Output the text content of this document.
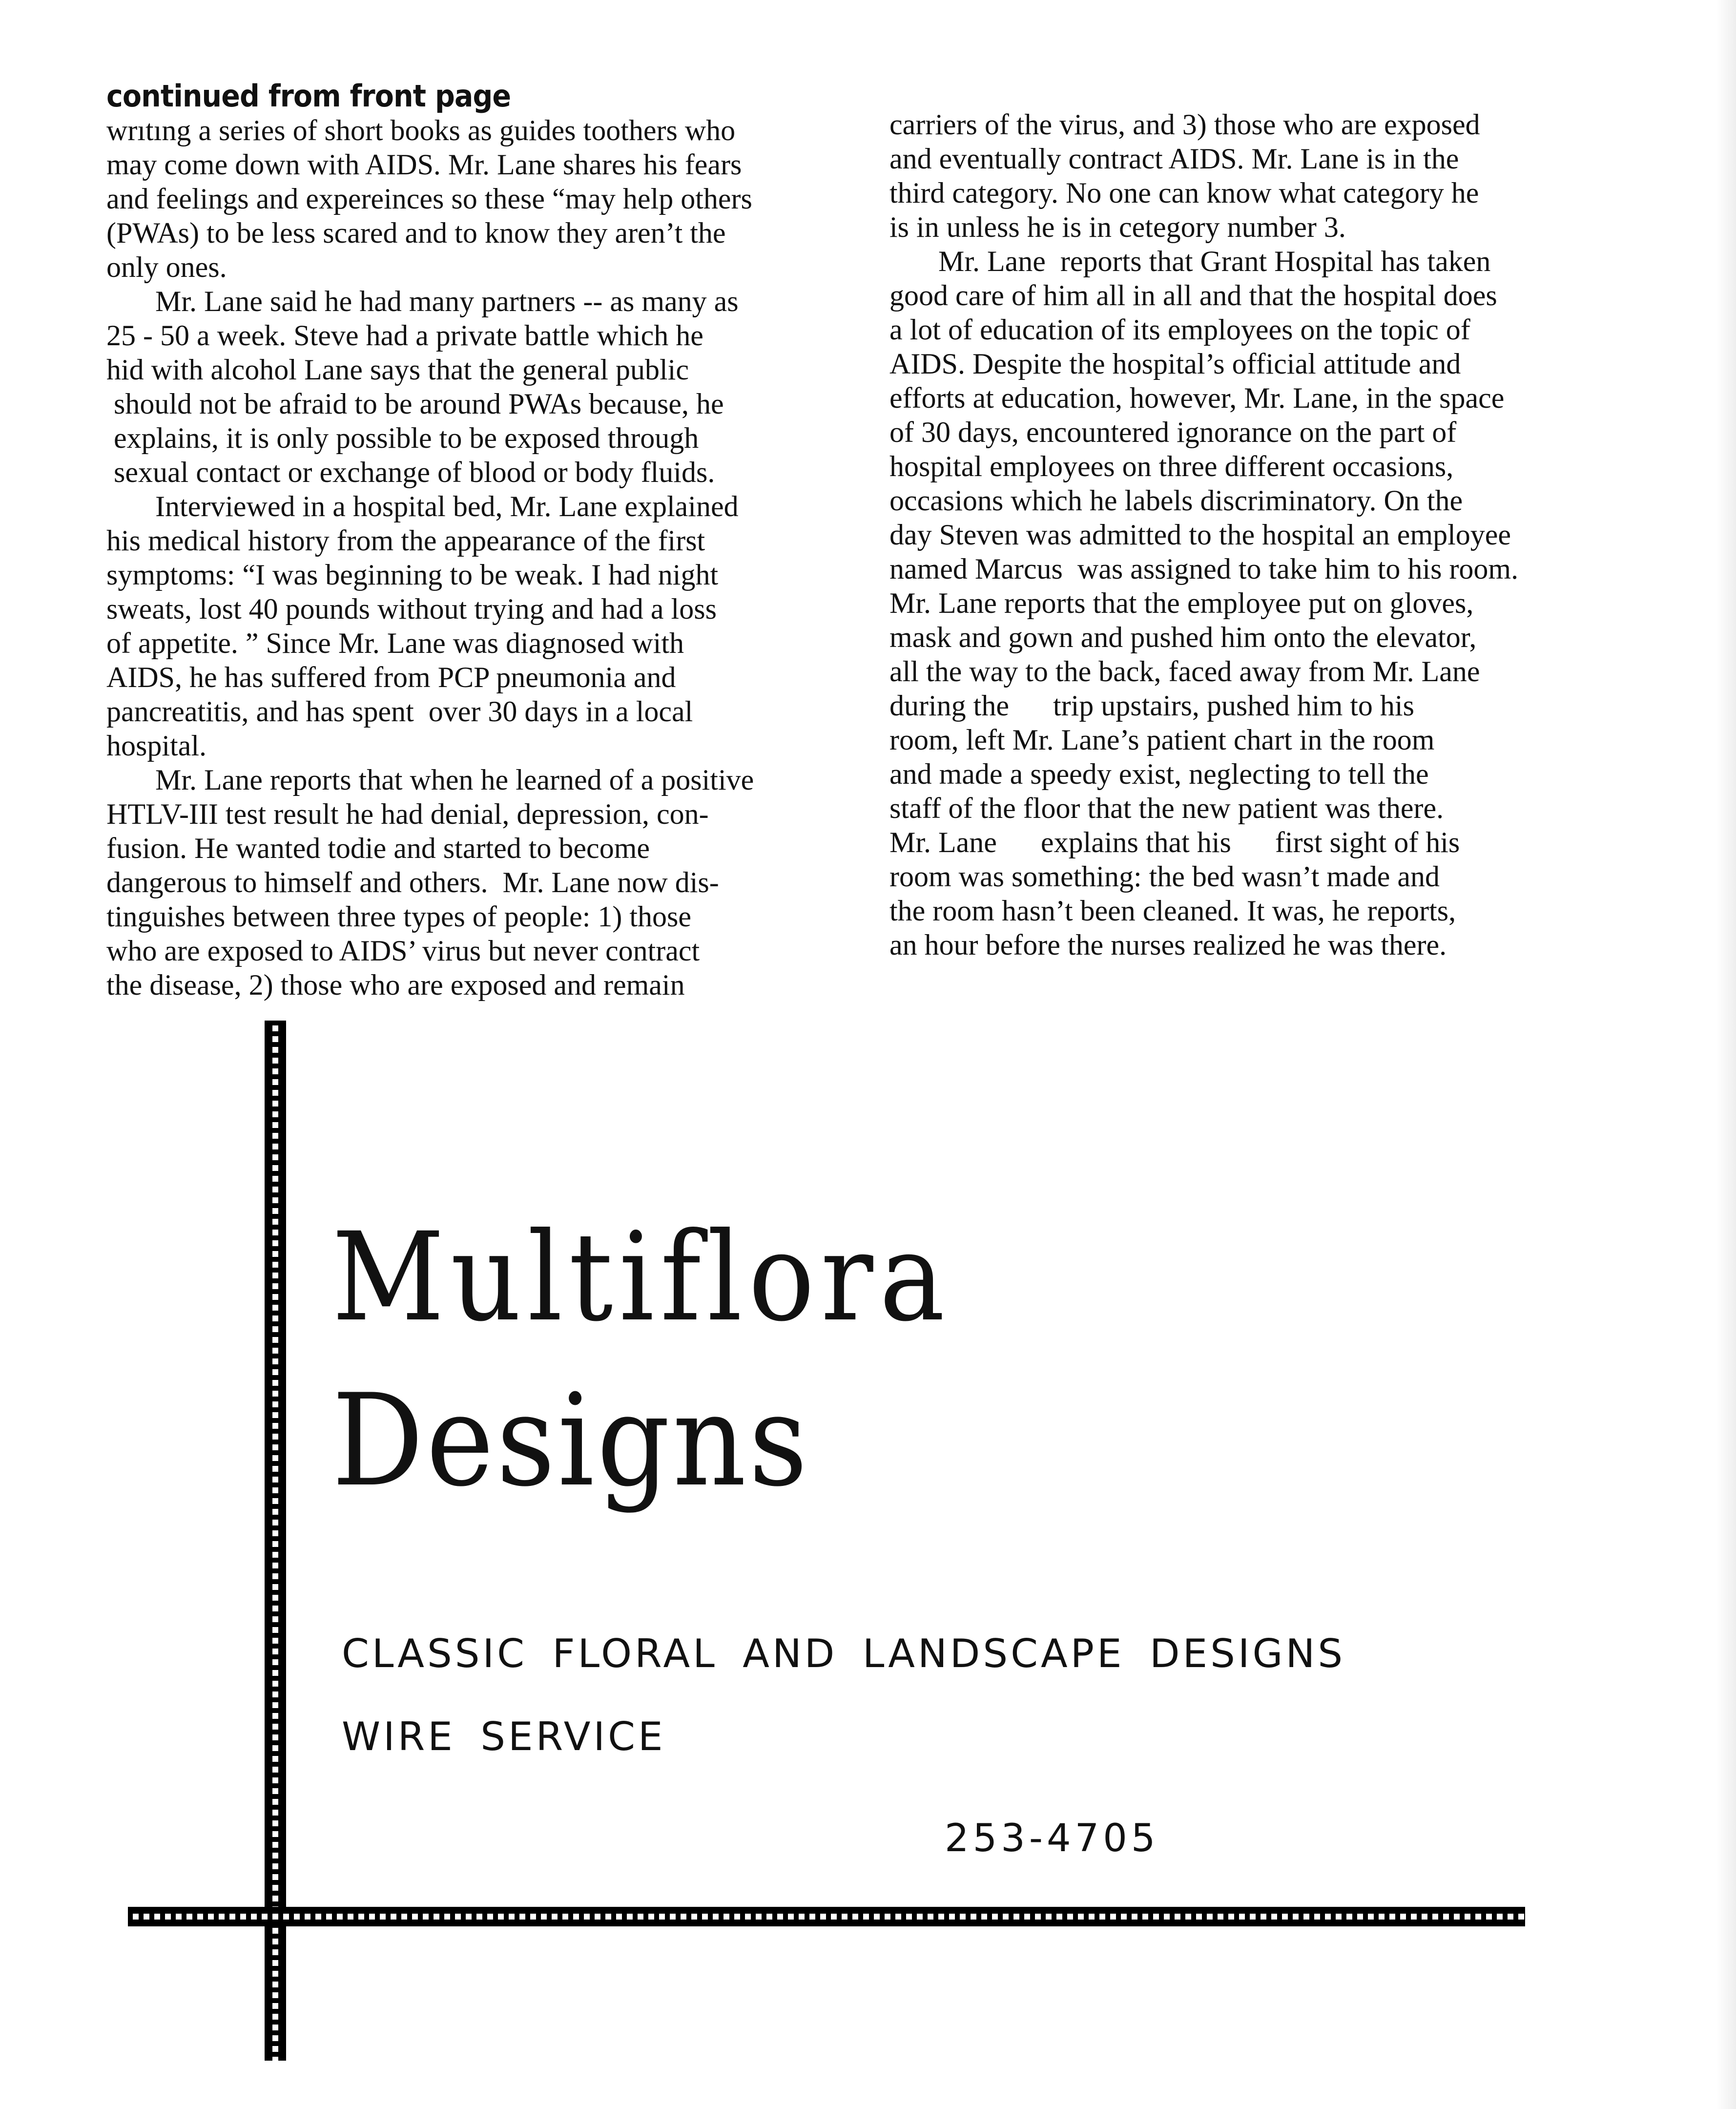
continued from front page
wrıtıng a series of short books as guides toothers who
may come down with AIDS. Mr. Lane shares his fears
and feelings and expereinces so these “may help others
(PWAs) to be less scared and to know they aren’t the
only ones.
Mr. Lane said he had many partners -- as many as
25 - 50 a week. Steve had a private battle which he
hid with alcohol Lane says that the general public
should not be afraid to be around PWAs because, he
explains, it is only possible to be exposed through
sexual contact or exchange of blood or body fluids.
Interviewed in a hospital bed, Mr. Lane explained
his medical history from the appearance of the first
symptoms: “I was beginning to be weak. I had night
sweats, lost 40 pounds without trying and had a loss
of appetite. ” Since Mr. Lane was diagnosed with
AIDS, he has suffered from PCP pneumonia and
pancreatitis, and has spent  over 30 days in a local
hospital.
Mr. Lane reports that when he learned of a positive
HTLV-III test result he had denial, depression, con-
fusion. He wanted todie and started to become
dangerous to himself and others.  Mr. Lane now dis-
tinguishes between three types of people: 1) those
who are exposed to AIDS’ virus but never contract
the disease, 2) those who are exposed and remain
carriers of the virus, and 3) those who are exposed
and eventually contract AIDS. Mr. Lane is in the
third category. No one can know what category he
is in unless he is in cetegory number 3.
Mr. Lane  reports that Grant Hospital has taken
good care of him all in all and that the hospital does
a lot of education of its employees on the topic of
AIDS. Despite the hospital’s official attitude and
efforts at education, however, Mr. Lane, in the space
of 30 days, encountered ignorance on the part of
hospital employees on three different occasions,
occasions which he labels discriminatory. On the
day Steven was admitted to the hospital an employee
named Marcus  was assigned to take him to his room.
Mr. Lane reports that the employee put on gloves,
mask and gown and pushed him onto the elevator,
all the way to the back, faced away from Mr. Lane
during the      trip upstairs, pushed him to his
room, left Mr. Lane’s patient chart in the room
and made a speedy exist, neglecting to tell the
staff of the floor that the new patient was there.
Mr. Lane      explains that his      first sight of his
room was something: the bed wasn’t made and
the room hasn’t been cleaned. It was, he reports,
an hour before the nurses realized he was there.
Multiflora
Designs
CLASSIC FLORAL AND LANDSCAPE DESIGNS
WIRE SERVICE
253-4705
